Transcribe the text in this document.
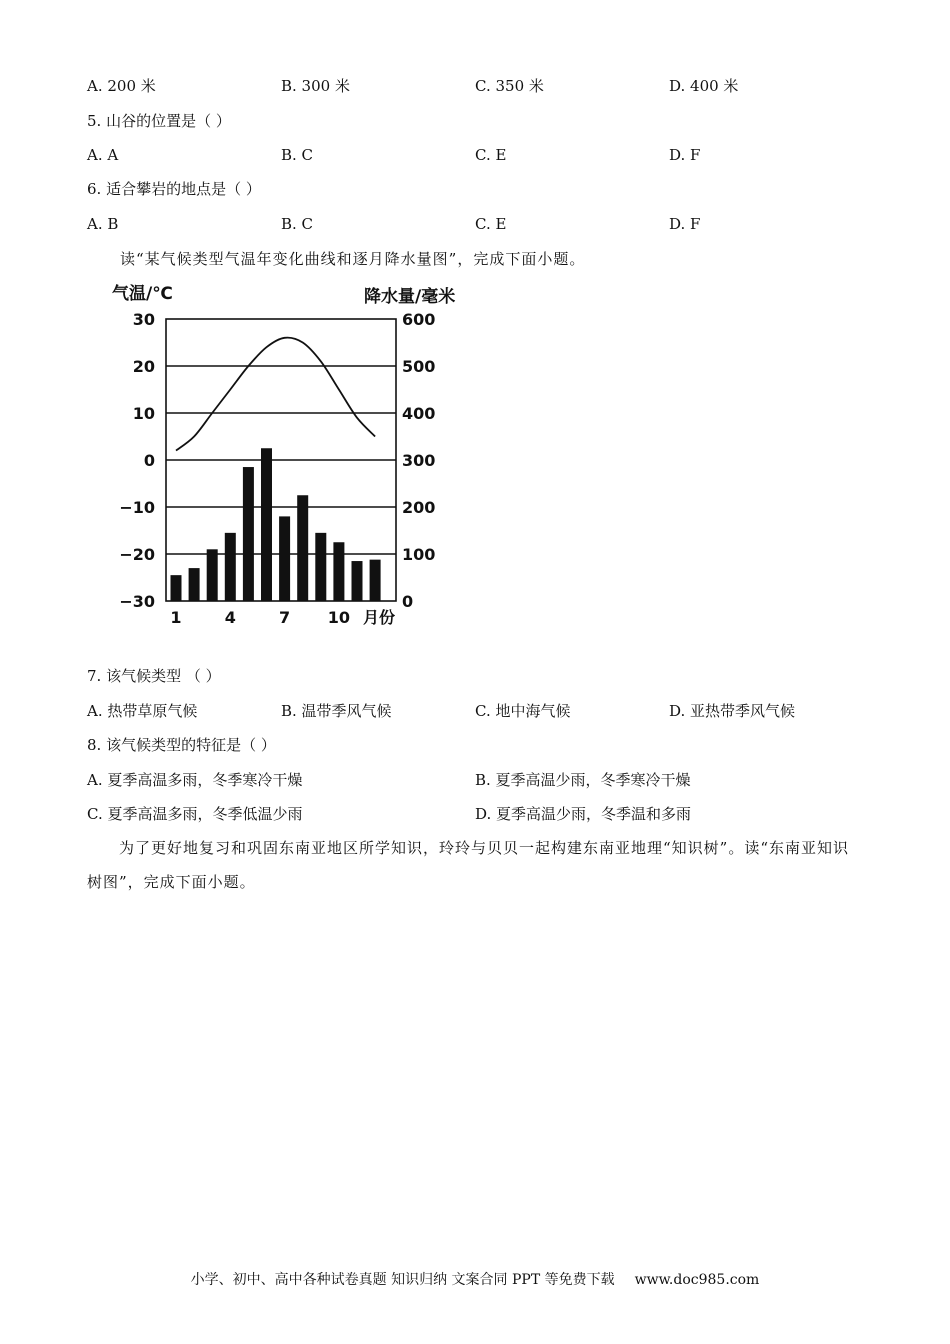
A. 200 米	B. 300 米	C. 350 米	D. 400 米
5. 山谷的位置是（ ）
A. A	B. C	C. E	D. F
6. 适合攀岩的地点是（ ）
A. B	B. C	C. E	D. F
读“某气候类型气温年变化曲线和逐月降水量图”，完成下面小题。
气温/℃	降水量/毫米
30
20
10
0
−10
−20
−30
600
500
400
300
200
100
0
1	4	7 10 月份
7. 该气候类型 （ ）
A. 热带草原气候	B. 温带季风气候	C. 地中海气候	D. 亚热带季风气候
8. 该气候类型的特征是（ ）
A. 夏季高温多雨，冬季寒冷干燥	B. 夏季高温少雨，冬季寒冷干燥
C. 夏季高温多雨，冬季低温少雨	D. 夏季高温少雨，冬季温和多雨
为了更好地复习和巩固东南亚地区所学知识，玲玲与贝贝一起构建东南亚地理“知识树”。读“东南亚知识树图”，完成下面小题。
小学、初中、高中各种试卷真题 知识归纳 文案合同 PPT 等免费下载 www.doc985.com
